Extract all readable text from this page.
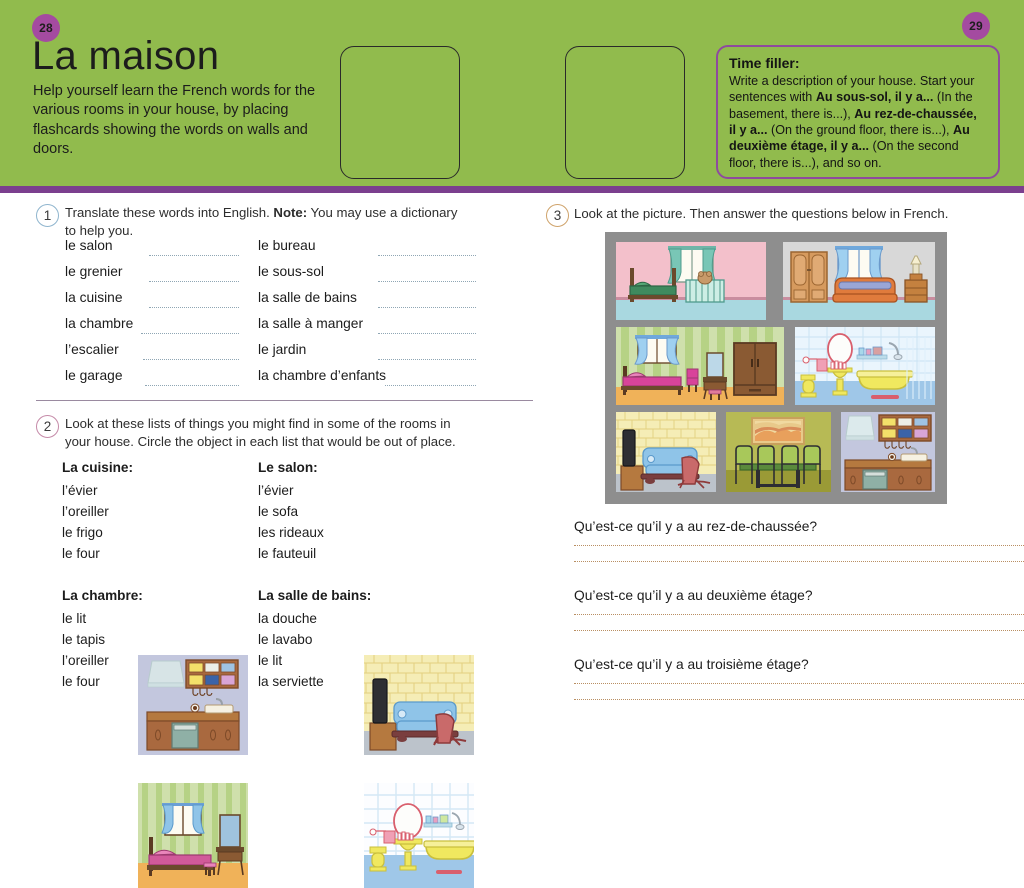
28	29
La maison
Help yourself learn the French words for the various rooms in your house, by placing flashcards showing the words on walls and doors.
Time filler:
Write a description of your house. Start your sentences with Au sous-sol, il y a... (In the basement, there is...), Au rez-de-chaussée, il y a... (On the ground floor, there is...), Au deuxième étage, il y a... (On the second floor, there is...), and so on.
1	Translate these words into English. Note: You may use a dictionary to help you.
le salon
le grenier
la cuisine
la chambre
l’escalier
le garage
le bureau
le sous-sol
la salle de bains
la salle à manger
le jardin
la chambre d’enfants
2	Look at these lists of things you might find in some of the rooms in your house. Circle the object in each list that would be out of place.
La cuisine:
l’évier
l’oreiller
le frigo
le four
Le salon:
l’évier
le sofa
les rideaux
le fauteuil
La chambre:
le lit
le tapis
l’oreiller
le four
La salle de bains:
la douche
le lavabo
le lit
la serviette
3 Look at the picture. Then answer the questions below in French.
Qu’est-ce qu’il y a au rez-de-chaussée?
Qu’est-ce qu’il y a au deuxième étage?
Qu’est-ce qu’il y a au troisième étage?
